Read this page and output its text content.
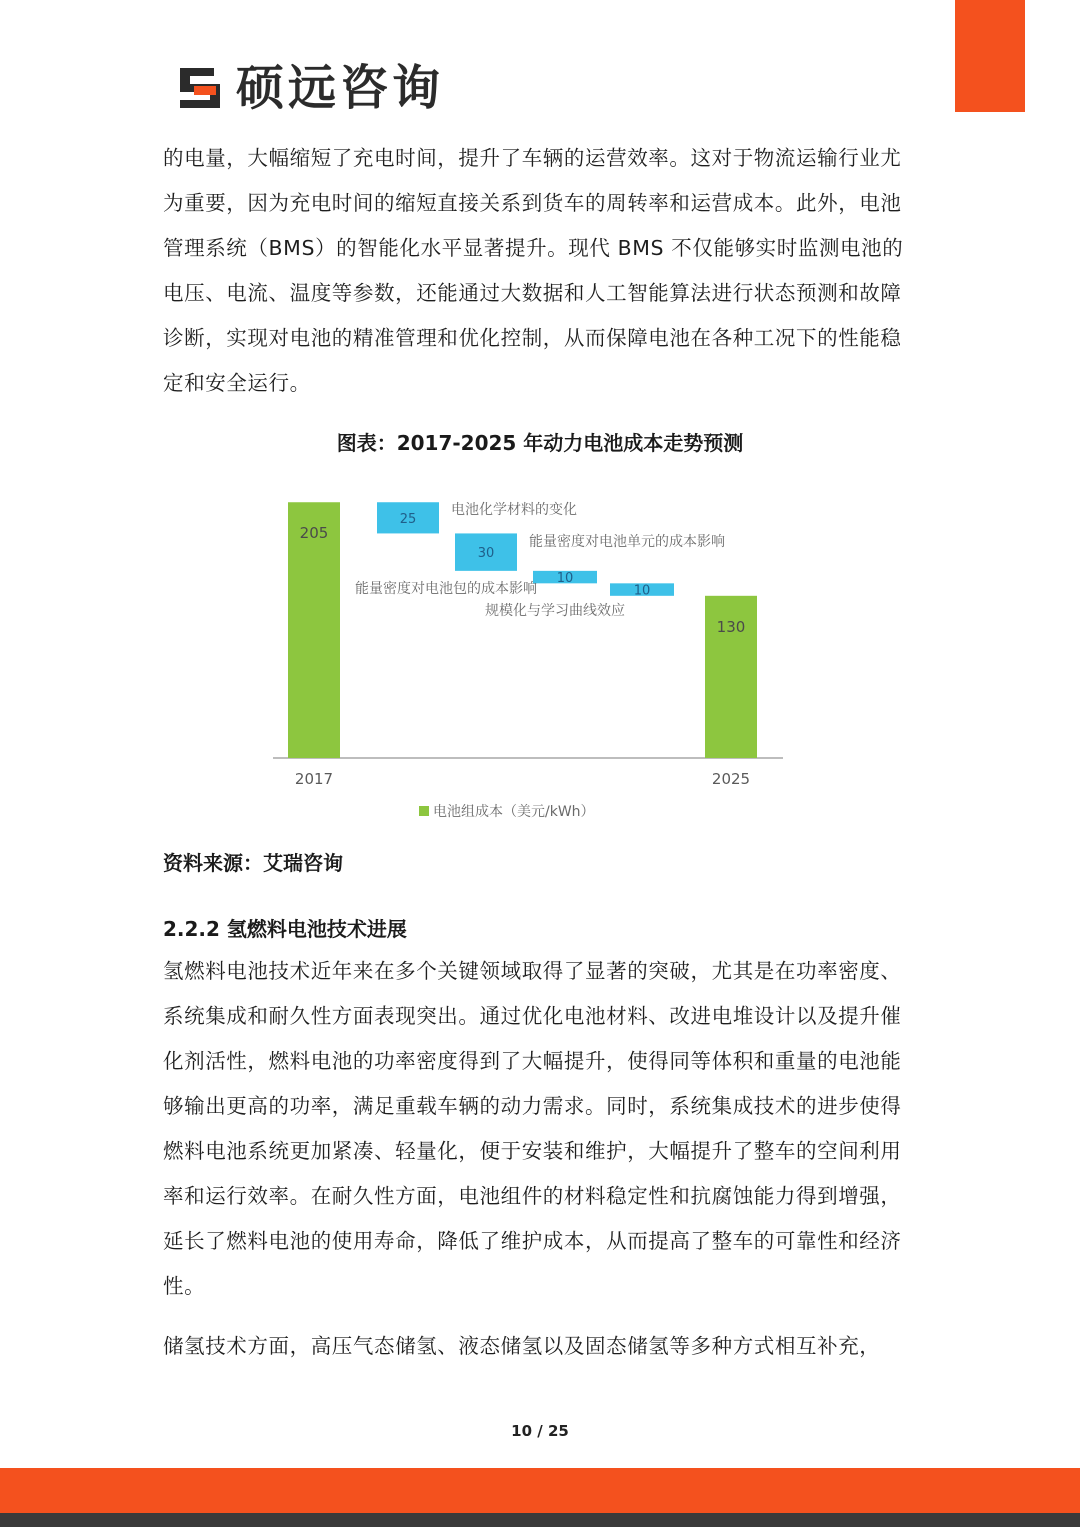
硕远咨询

的电量，大幅缩短了充电时间，提升了车辆的运营效率。这对于物流运输行业尤为重要，因为充电时间的缩短直接关系到货车的周转率和运营成本。此外，电池管理系统（BMS）的智能化水平显著提升。现代 BMS 不仅能够实时监测电池的电压、电流、温度等参数，还能通过大数据和人工智能算法进行状态预测和故障诊断，实现对电池的精准管理和优化控制，从而保障电池在各种工况下的性能稳定和安全运行。

图表：2017-2025 年动力电池成本走势预测

205
2017
130
2025
25
电池化学材料的变化
30
能量密度对电池单元的成本影响
10
能量密度对电池包的成本影响	10
规模化与学习曲线效应
电池组成本（美元/kWh）

资料来源：艾瑞咨询

2.2.2 氢燃料电池技术进展

氢燃料电池技术近年来在多个关键领域取得了显著的突破，尤其是在功率密度、系统集成和耐久性方面表现突出。通过优化电池材料、改进电堆设计以及提升催化剂活性，燃料电池的功率密度得到了大幅提升，使得同等体积和重量的电池能够输出更高的功率，满足重载车辆的动力需求。同时，系统集成技术的进步使得燃料电池系统更加紧凑、轻量化，便于安装和维护，大幅提升了整车的空间利用率和运行效率。在耐久性方面，电池组件的材料稳定性和抗腐蚀能力得到增强，延长了燃料电池的使用寿命，降低了维护成本，从而提高了整车的可靠性和经济性。

储氢技术方面，高压气态储氢、液态储氢以及固态储氢等多种方式相互补充，

10 / 25
